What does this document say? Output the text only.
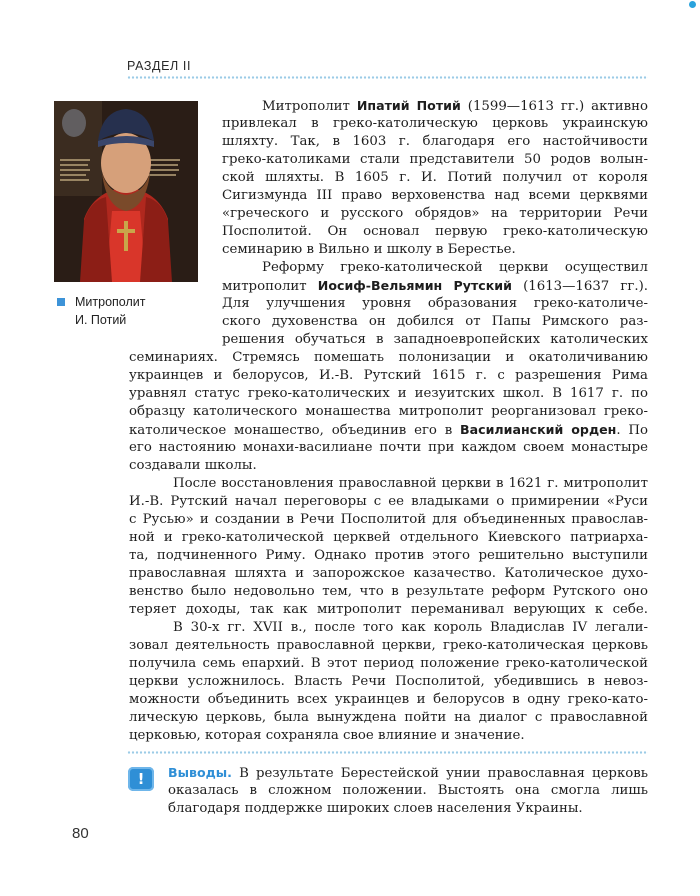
РАЗДЕЛ II
Митрополит
И. Потий
Митрополит Ипатий Потий (1599—1613 гг.) активно
привлекал в греко-католическую церковь украинскую
шляхту. Так, в 1603 г. благодаря его настойчивости
греко-католиками стали представители 50 родов волын-
ской шляхты. В 1605 г. И. Потий получил от короля
Сигизмунда III право верховенства над всеми церквями
«греческого и русского обрядов» на территории Речи
Посполитой. Он основал первую греко-католическую
семинарию в Вильно и школу в Берестье.
Реформу греко-католической церкви осуществил
митрополит Иосиф-Вельямин Рутский (1613—1637 гг.).
Для улучшения уровня образования греко-католиче-
ского духовенства он добился от Папы Римского раз-
решения обучаться в западноевропейских католических
семинариях. Стремясь помешать полонизации и окатоличиванию
украинцев и белорусов, И.-В. Рутский 1615 г. с разрешения Рима
уравнял статус греко-католических и иезуитских школ. В 1617 г. по
образцу католического монашества митрополит реорганизовал греко-
католическое монашество, объединив его в Василианский орден. По
его настоянию монахи-василиане почти при каждом своем монастыре
создавали школы.
После восстановления православной церкви в 1621 г. митрополит
И.-В. Рутский начал переговоры с ее владыками о примирении «Руси
с Русью» и создании в Речи Посполитой для объединенных православ-
ной и греко-католической церквей отдельного Киевского патриарха-
та, подчиненного Риму. Однако против этого решительно выступили
православная шляхта и запорожское казачество. Католическое духо-
венство было недовольно тем, что в результате реформ Рутского оно
теряет доходы, так как митрополит переманивал верующих к себе.
В 30-х гг. XVII в., после того как король Владислав IV легали-
зовал деятельность православной церкви, греко-католическая церковь
получила семь епархий. В этот период положение греко-католической
церкви усложнилось. Власть Речи Посполитой, убедившись в невоз-
можности объединить всех украинцев и белорусов в одну греко-като-
лическую церковь, была вынуждена пойти на диалог с православной
церковью, которая сохраняла свое влияние и значение.
!	Выводы. В результате Берестейской унии православная церковь
оказалась в сложном положении. Выстоять она смогла лишь
благодаря поддержке широких слоев населения Украины.
80
